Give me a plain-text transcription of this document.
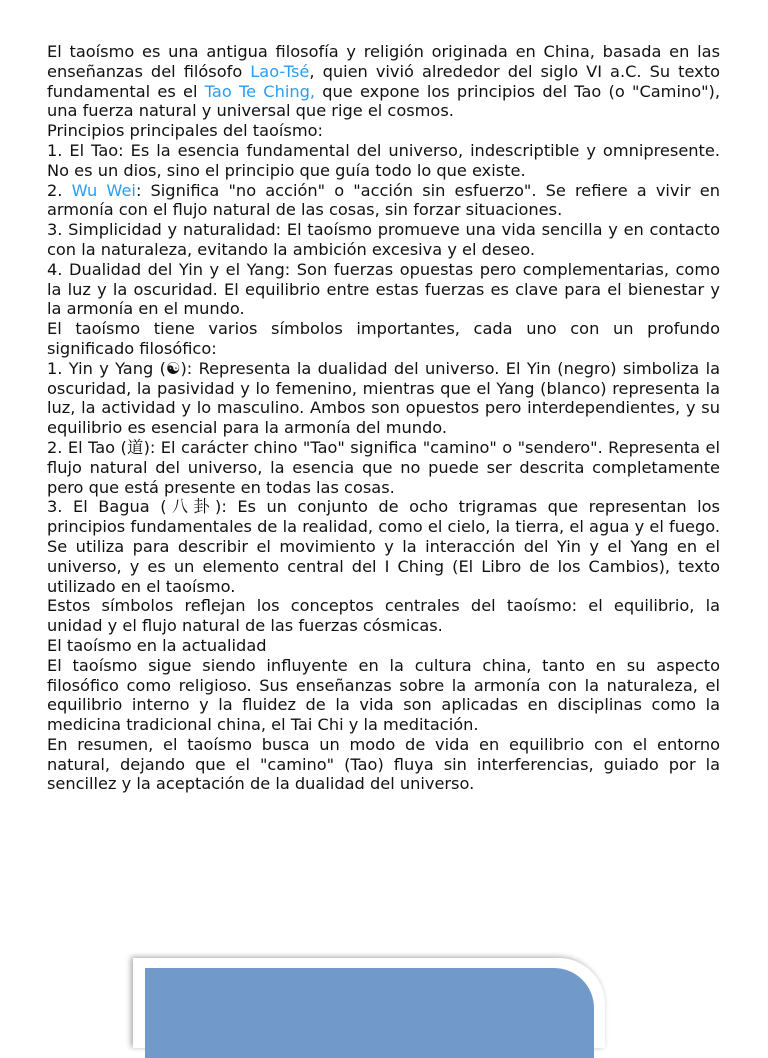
El taoísmo es una antigua filosofía y religión originada en China, basada en las enseñanzas del filósofo Lao-Tsé, quien vivió alrededor del siglo VI a.C. Su texto fundamental es el Tao Te Ching, que expone los principios del Tao (o "Camino"), una fuerza natural y universal que rige el cosmos.

Principios principales del taoísmo:

1. El Tao: Es la esencia fundamental del universo, indescriptible y omnipresente. No es un dios, sino el principio que guía todo lo que existe.

2. Wu Wei: Significa "no acción" o "acción sin esfuerzo". Se refiere a vivir en armonía con el flujo natural de las cosas, sin forzar situaciones.

3. Simplicidad y naturalidad: El taoísmo promueve una vida sencilla y en contacto con la naturaleza, evitando la ambición excesiva y el deseo.

4. Dualidad del Yin y el Yang: Son fuerzas opuestas pero complementarias, como la luz y la oscuridad. El equilibrio entre estas fuerzas es clave para el bienestar y la armonía en el mundo.

El taoísmo tiene varios símbolos importantes, cada uno con un profundo significado filosófico:

1. Yin y Yang (☯): Representa la dualidad del universo. El Yin (negro) simboliza la oscuridad, la pasividad y lo femenino, mientras que el Yang (blanco) representa la luz, la actividad y lo masculino. Ambos son opuestos pero interdependientes, y su equilibrio es esencial para la armonía del mundo.

2. El Tao (道): El carácter chino "Tao" significa "camino" o "sendero". Representa el flujo natural del universo, la esencia que no puede ser descrita completamente pero que está presente en todas las cosas.

3. El Bagua (八卦): Es un conjunto de ocho trigramas que representan los principios fundamentales de la realidad, como el cielo, la tierra, el agua y el fuego. Se utiliza para describir el movimiento y la interacción del Yin y el Yang en el universo, y es un elemento central del I Ching (El Libro de los Cambios), texto utilizado en el taoísmo.

Estos símbolos reflejan los conceptos centrales del taoísmo: el equilibrio, la unidad y el flujo natural de las fuerzas cósmicas.

El taoísmo en la actualidad

El taoísmo sigue siendo influyente en la cultura china, tanto en su aspecto filosófico como religioso. Sus enseñanzas sobre la armonía con la naturaleza, el equilibrio interno y la fluidez de la vida son aplicadas en disciplinas como la medicina tradicional china, el Tai Chi y la meditación.

En resumen, el taoísmo busca un modo de vida en equilibrio con el entorno natural, dejando que el "camino" (Tao) fluya sin interferencias, guiado por la sencillez y la aceptación de la dualidad del universo.
